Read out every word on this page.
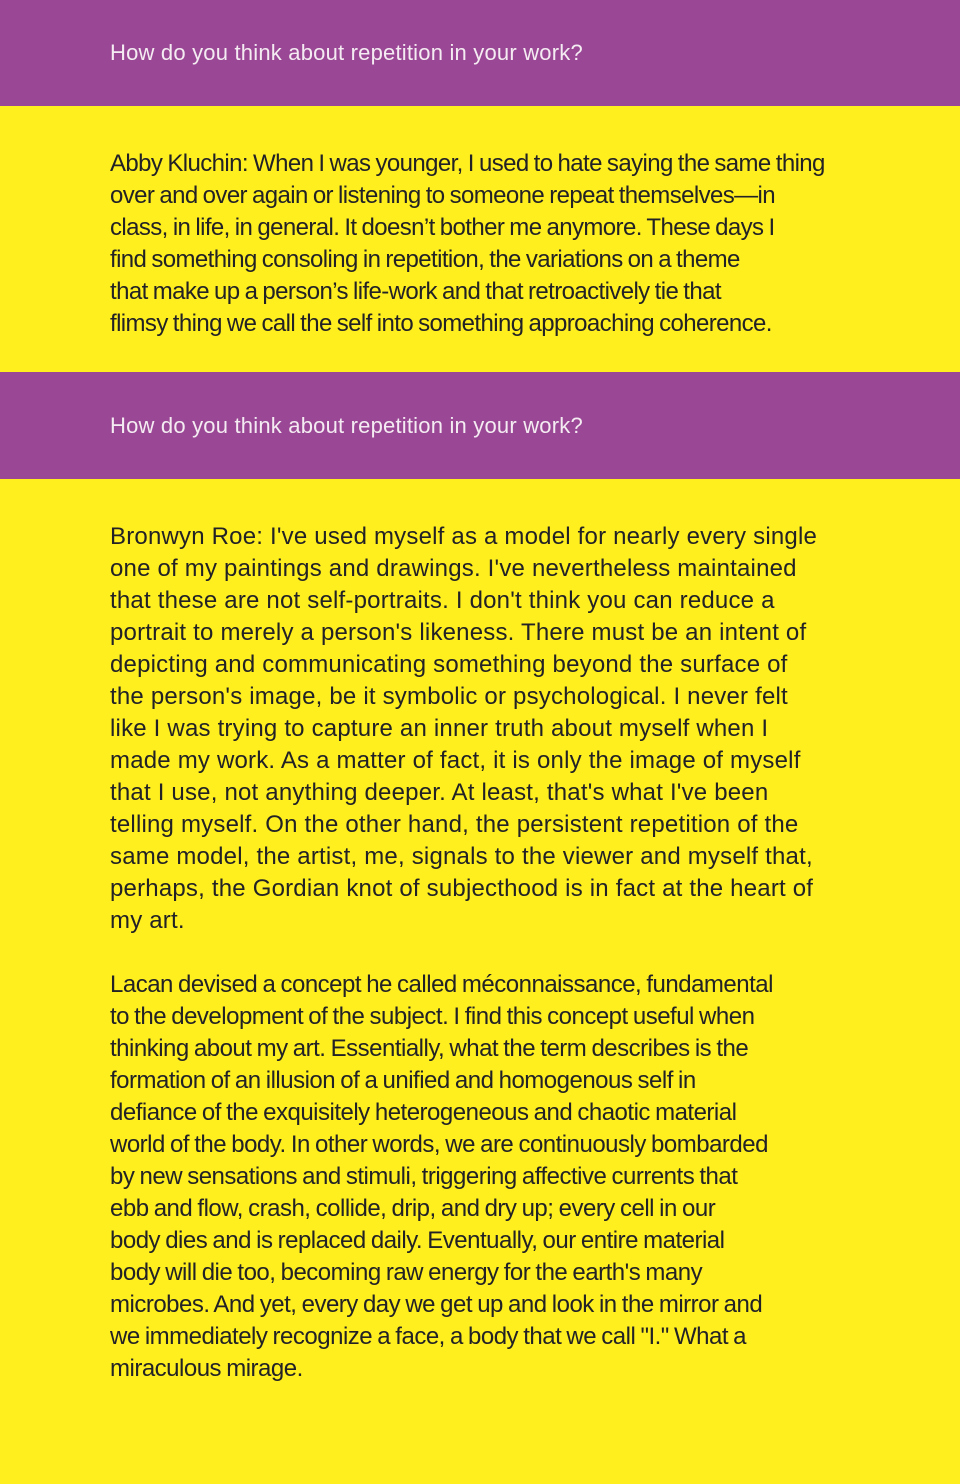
How do you think about repetition in your work?

Abby Kluchin: When I was younger, I used to hate saying the same thing
over and over again or listening to someone repeat themselves—in
class, in life, in general. It doesn’t bother me anymore. These days I
find something consoling in repetition, the variations on a theme
that make up a person’s life-work and that retroactively tie that
flimsy thing we call the self into something approaching coherence.

How do you think about repetition in your work?

Bronwyn Roe: I've used myself as a model for nearly every single
one of my paintings and drawings. I've nevertheless maintained
that these are not self-portraits. I don't think you can reduce a
portrait to merely a person's likeness. There must be an intent of
depicting and communicating something beyond the surface of
the person's image, be it symbolic or psychological. I never felt
like I was trying to capture an inner truth about myself when I
made my work. As a matter of fact, it is only the image of myself
that I use, not anything deeper. At least, that's what I've been
telling myself. On the other hand, the persistent repetition of the
same model, the artist, me, signals to the viewer and myself that,
perhaps, the Gordian knot of subjecthood is in fact at the heart of
my art.

Lacan devised a concept he called méconnaissance, fundamental
to the development of the subject. I find this concept useful when
thinking about my art. Essentially, what the term describes is the
formation of an illusion of a unified and homogenous self in
defiance of the exquisitely heterogeneous and chaotic material
world of the body. In other words, we are continuously bombarded
by new sensations and stimuli, triggering affective currents that
ebb and flow, crash, collide, drip, and dry up; every cell in our
body dies and is replaced daily. Eventually, our entire material
body will die too, becoming raw energy for the earth's many
microbes. And yet, every day we get up and look in the mirror and
we immediately recognize a face, a body that we call "I." What a
miraculous mirage.
